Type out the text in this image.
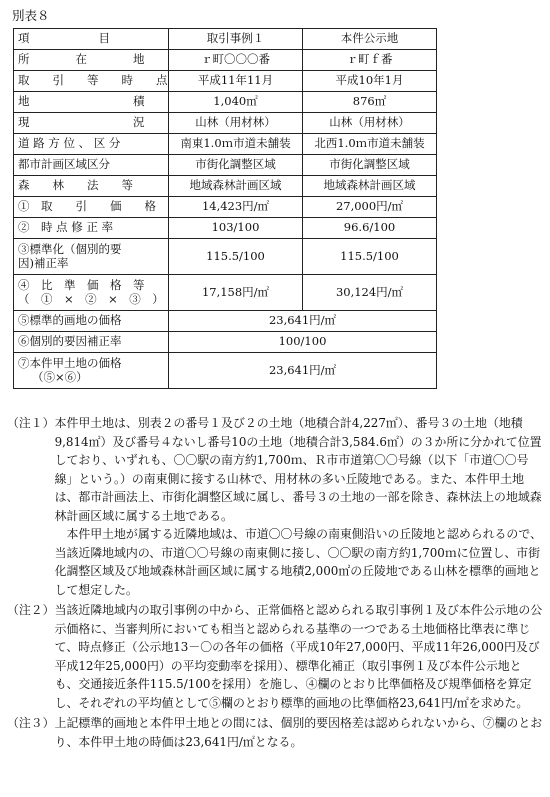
別表８
項　　　　　　目	取引事例１	本件公示地
所　　　　在　　　　地	ｒ町〇〇〇番	ｒ町ｆ番
取　　引　　等　　時　　点	平成11年11月	平成10年1月
地　　　　　　　　　積	1,040㎡	876㎡
現　　　　　　　　　況	山林（用材林）	山林（用材林）
道 路 方 位 、 区 分	南東1.0ｍ市道未舗装	北西1.0ｍ市道未舗装
都市計画区域区分	市街化調整区域	市街化調整区域
森　　林　　法　　等	地域森林計画区域	地域森林計画区域
①　取　　引　　価　　格	14,423円/㎡	27,000円/㎡
②　時 点 修 正 率	103/100	96.6/100

③標準化（個別的要
因)補正率	115.5/100	115.5/100

④　比　準　価　格　等
（　①　×　②　×　③　）	17,158円/㎡	30,124円/㎡
⑤標準的画地の価格	23,641円/㎡	
⑥個別的要因補正率	100/100	

⑦本件甲土地の価格
（⑤×⑥）	23,641円/㎡	
（注１） 本件甲土地は、別表２の番号１及び２の土地（地積合計4,227㎡）、番号３の土地（地積9,814㎡）及び番号４ないし番号10の土地（地積合計3,584.6㎡）の３か所に分かれて位置しており、いずれも、〇〇駅の南方約1,700ｍ、Ｒ市市道第〇〇号線（以下「市道〇〇号線」という。）の南東側に接する山林で、用材林の多い丘陵地である。また、本件甲土地は、都市計画法上、市街化調整区域に属し、番号３の土地の一部を除き、森林法上の地域森林計画区域に属する土地である。

本件甲土地が属する近隣地域は、市道〇〇号線の南東側沿いの丘陵地と認められるので、当該近隣地域内の、市道〇〇号線の南東側に接し、〇〇駅の南方約1,700ｍに位置し、市街化調整区域及び地域森林計画区域に属する地積2,000㎡の丘陵地である山林を標準的画地として想定した。

（注２） 当該近隣地域内の取引事例の中から、正常価格と認められる取引事例１及び本件公示地の公示価格に、当審判所においても相当と認められる基準の一つである土地価格比準表に準じて、時点修正（公示地13－〇の各年の価格（平成10年27,000円、平成11年26,000円及び平成12年25,000円）の平均変動率を採用）、標準化補正（取引事例１及び本件公示地とも、交通接近条件115.5/100を採用）を施し、④欄のとおり比準価格及び規準価格を算定し、それぞれの平均値として⑤欄のとおり標準的画地の比準価格23,641円/㎡を求めた。

（注３） 上記標準的画地と本件甲土地との間には、個別的要因格差は認められないから、⑦欄のとおり、本件甲土地の時価は23,641円/㎡となる。
